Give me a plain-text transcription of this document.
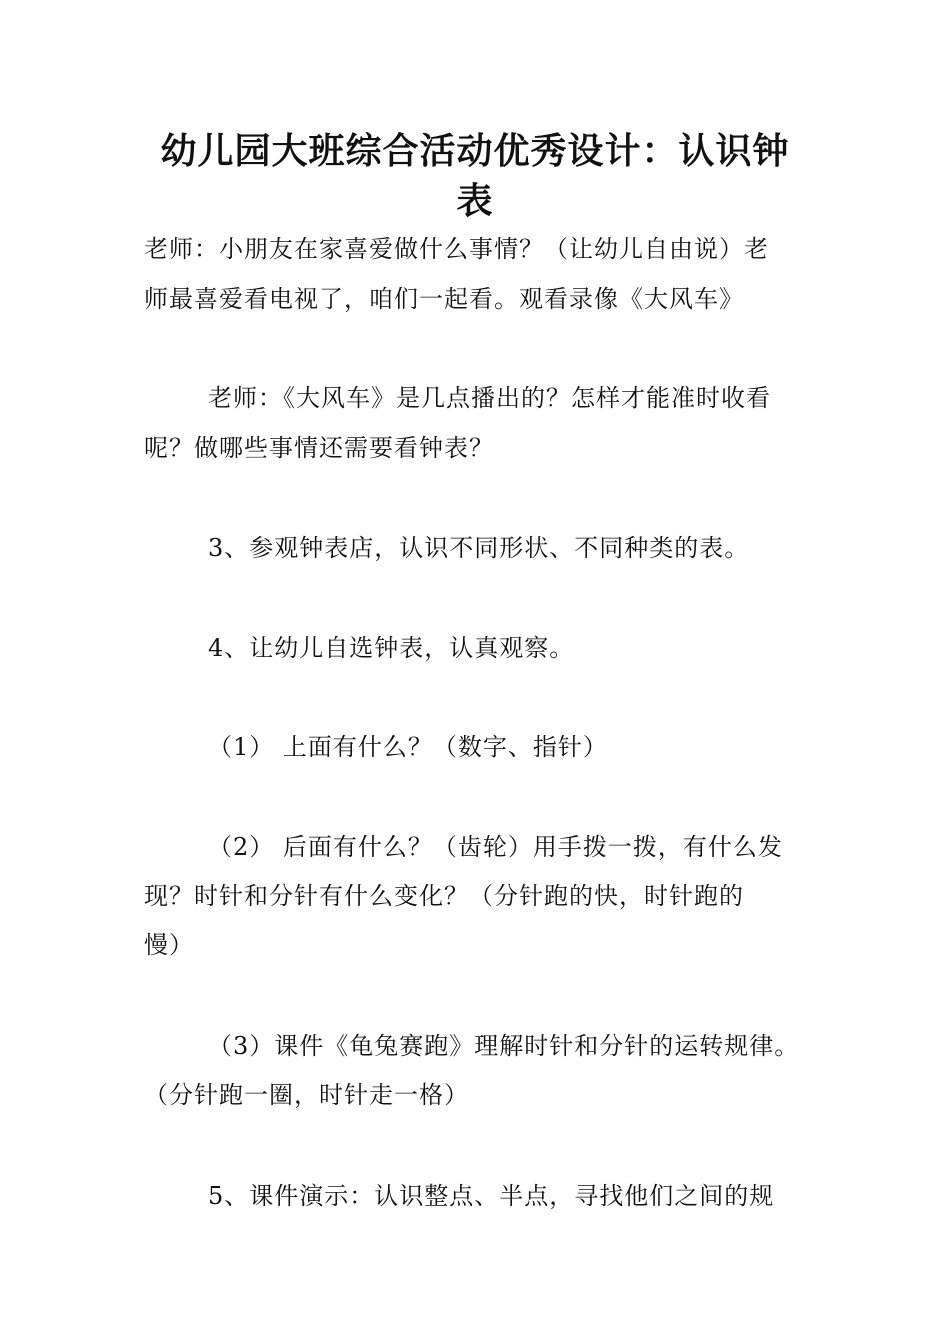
幼儿园大班综合活动优秀设计：认识钟
表
老师：小朋友在家喜爱做什么事情？（让幼儿自由说）老
师最喜爱看电视了，咱们一起看。观看录像《大风车》
老师：《大风车》是几点播出的？怎样才能准时收看
呢？做哪些事情还需要看钟表？
3、参观钟表店，认识不同形状、不同种类的表。
4、让幼儿自选钟表，认真观察。
（1） 上面有什么？（数字、指针）
（2） 后面有什么？（齿轮）用手拨一拨，有什么发
现？时针和分针有什么变化？（分针跑的快，时针跑的
慢）
（3）课件《龟兔赛跑》理解时针和分针的运转规律。
（分针跑一圈，时针走一格）
5、课件演示：认识整点、半点，寻找他们之间的规
